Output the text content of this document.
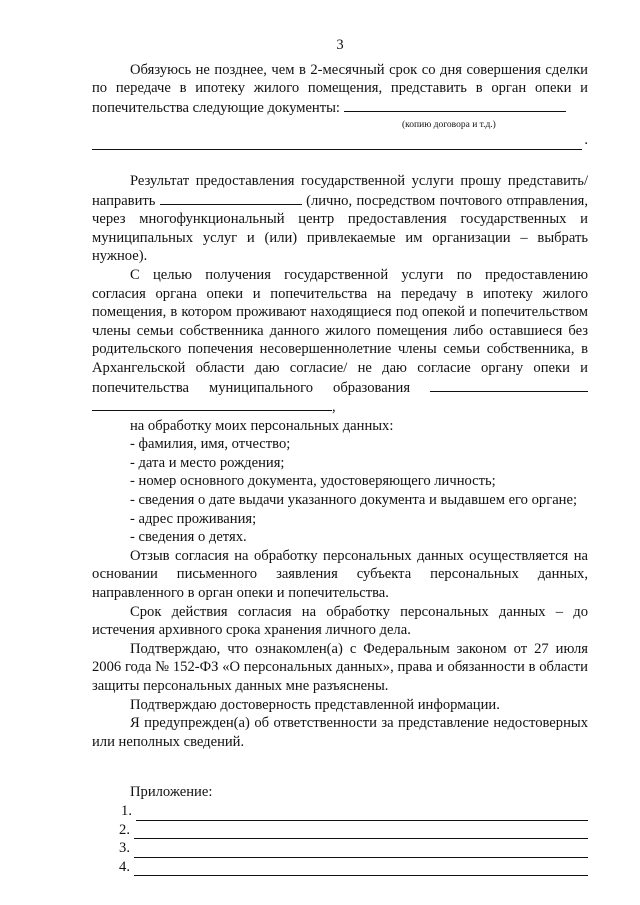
3

Обязуюсь не позднее, чем в 2-месячный срок со дня совершения сделки по передаче в ипотеку жилого помещения, представить в орган опеки и попечительства следующие документы:

(копию договора и т.д.)
.

Результат предоставления государственной услуги прошу представить/направить	(лично, посредством почтового отправления, через многофункциональный центр предоставления государственных и муниципальных услуг и (или) привлекаемые им организации – выбрать нужное).

С целью получения государственной услуги по предоставлению согласия органа опеки и попечительства на передачу в ипотеку жилого помещения, в котором проживают находящиеся под опекой и попечительством члены семьи собственника данного жилого помещения либо оставшиеся без родительского попечения несовершеннолетние члены семьи собственника, в Архангельской области даю согласие/ не даю согласие органу опеки и попечительства муниципального образования ,

на обработку моих персональных данных:
- фамилия, имя, отчество;
- дата и место рождения;
- номер основного документа, удостоверяющего личность;
- сведения о дате выдачи указанного документа и выдавшем его органе;
- адрес проживания;
- сведения о детях.

Отзыв согласия на обработку персональных данных осуществляется на основании письменного заявления субъекта персональных данных, направленного в орган опеки и попечительства.

Срок действия согласия на обработку персональных данных – до истечения архивного срока хранения личного дела.

Подтверждаю, что ознакомлен(а) с Федеральным законом от 27 июля 2006 года № 152-ФЗ «О персональных данных», права и обязанности в области защиты персональных данных мне разъяснены.

Подтверждаю достоверность представленной информации.

Я предупрежден(а) об ответственности за представление недостоверных или неполных сведений.

Приложение:

1.
2.
3.
4.
